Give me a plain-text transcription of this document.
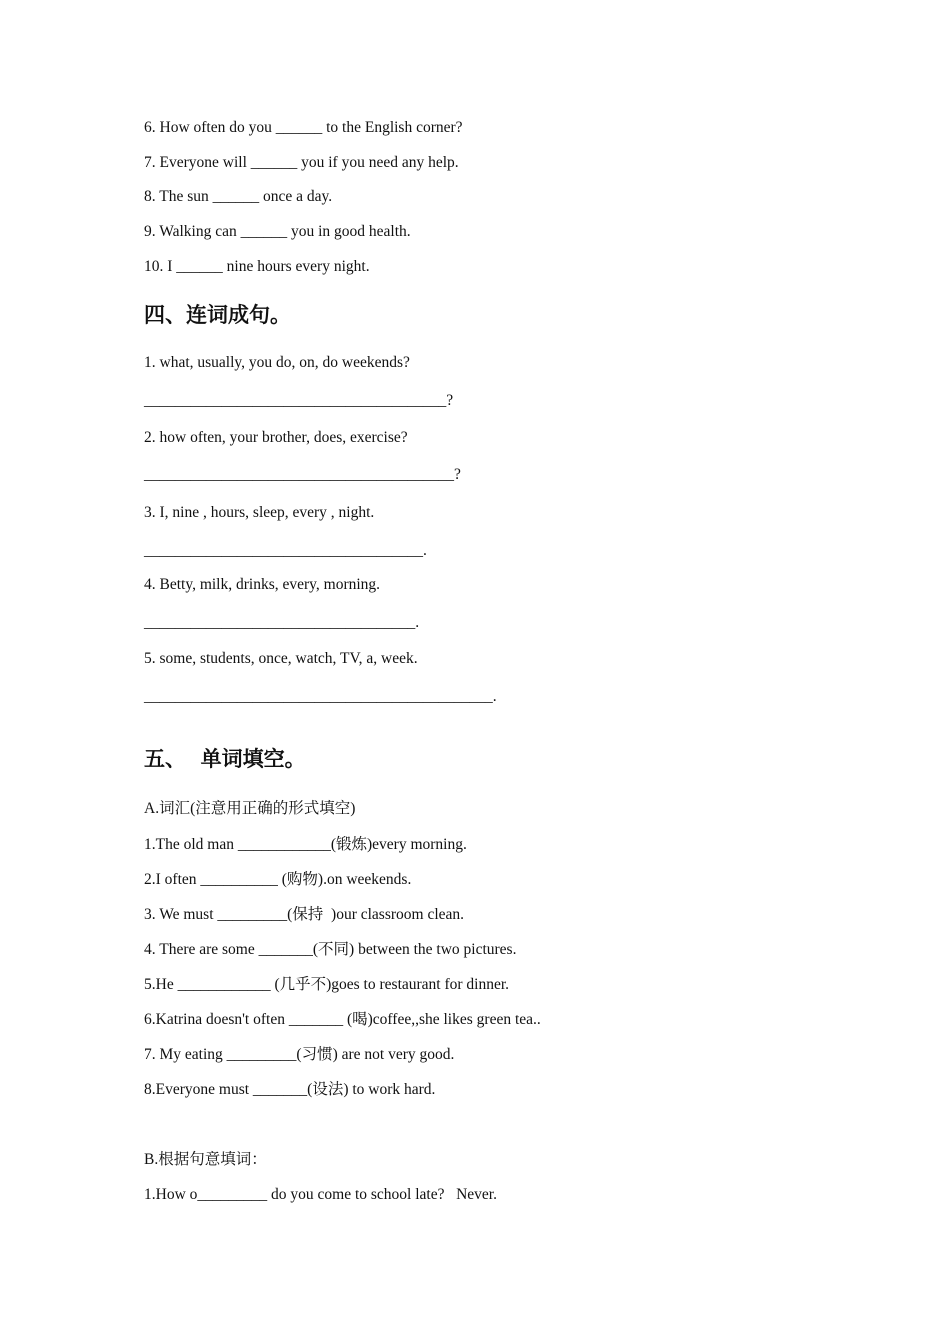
6. How often do you ______ to the English corner?
7. Everyone will ______ you if you need any help.
8. The sun ______ once a day.
9. Walking can ______ you in good health.
10. I ______ nine hours every night.
四、连词成句。
1. what, usually, you do, on, do weekends?
_______________________________________?
2. how often, your brother, does, exercise?
________________________________________?
3. I, nine , hours, sleep, every , night.
____________________________________.
4. Betty, milk, drinks, every, morning.
___________________________________.
5. some, students, once, watch, TV, a, week.
_____________________________________________.
五、  单词填空。
A.词汇(注意用正确的形式填空)
1.The old man ____________(锻炼)every morning.
2.I often __________ (购物).on weekends.
3. We must _________(保持  )our classroom clean.
4. There are some _______(不同) between the two pictures.
5.He ____________ (几乎不)goes to restaurant for dinner.
6.Katrina doesn't often _______ (喝)coffee,,she likes green tea..
7. My eating _________(习惯) are not very good.
8.Everyone must _______(设法) to work hard.
B.根据句意填词：
1.How o_________ do you come to school late?   Never.
